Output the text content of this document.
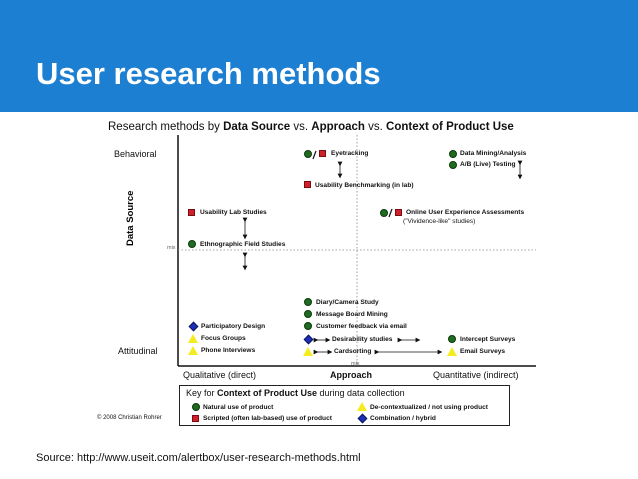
User research methods
Research methods by Data Source vs. Approach vs. Context of Product Use
Behavioral
Attitudinal
Data Source
mix
mix
Qualitative (direct)	Approach	Quantitative (indirect)
Eyetracking	Data Mining/Analysis
A/B (Live) Testing
Usability Benchmarking (in lab)
Usability Lab Studies	Online User Experience Assessments
("Vividence-like" studies)
Ethnographic Field Studies
Diary/Camera Study
Message Board Mining
Customer feedback via email
Participatory Design
Focus Groups
Phone Interviews
Desirability studies
Cardsorting
Intercept Surveys
Email Surveys
Key for Context of Product Use during data collection
Natural use of product
Scripted (often lab-based) use of product
De-contextualized / not using product
Combination / hybrid
© 2008 Christian Rohrer
Source: http://www.useit.com/alertbox/user-research-methods.html
